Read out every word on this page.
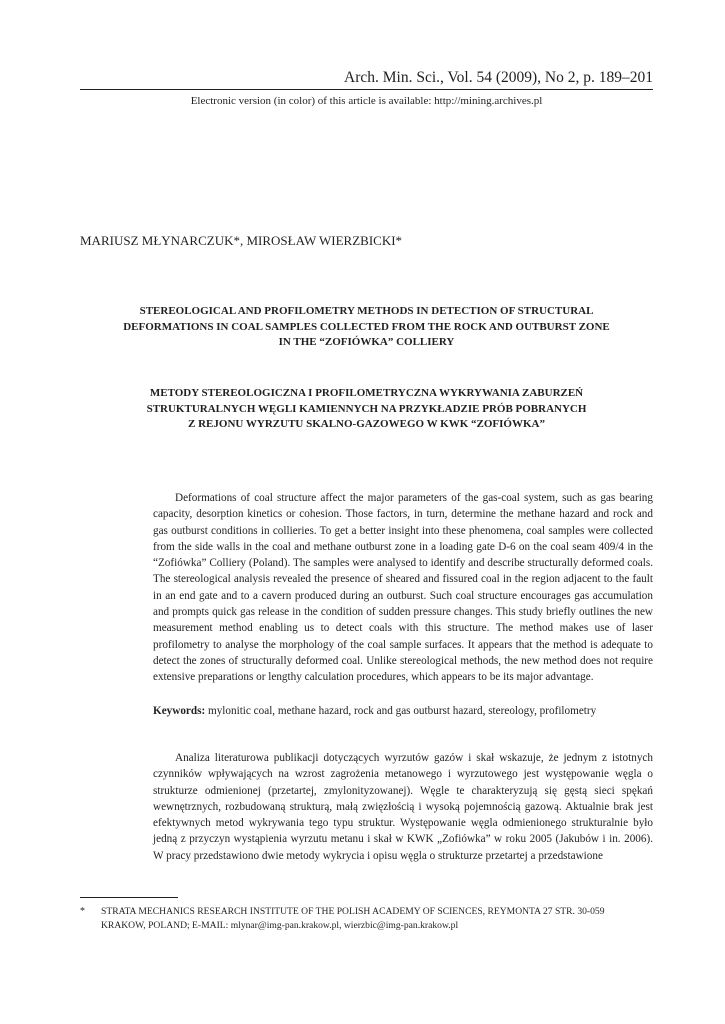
Arch. Min. Sci., Vol. 54 (2009), No 2, p. 189–201
Electronic version (in color) of this article is available: http://mining.archives.pl
MARIUSZ MŁYNARCZUK*, MIROSŁAW WIERZBICKI*
STEREOLOGICAL AND PROFILOMETRY METHODS IN DETECTION OF STRUCTURAL
DEFORMATIONS IN COAL SAMPLES COLLECTED FROM THE ROCK AND OUTBURST ZONE
IN THE “ZOFIÓWKA” COLLIERY
METODY STEREOLOGICZNA I PROFILOMETRYCZNA WYKRYWANIA ZABURZEŃ
STRUKTURALNYCH WĘGLI KAMIENNYCH NA PRZYKŁADZIE PRÓB POBRANYCH
Z REJONU WYRZUTU SKALNO-GAZOWEGO W KWK “ZOFIÓWKA”

Deformations of coal structure affect the major parameters of the gas-coal system, such as gas bearing capacity, desorption kinetics or cohesion. Those factors, in turn, determine the methane hazard and rock and gas outburst conditions in collieries. To get a better insight into these phenomena, coal samples were collected from the side walls in the coal and methane outburst zone in a loading gate D-6 on the coal seam 409/4 in the “Zofiówka” Colliery (Poland). The samples were analysed to identify and describe structurally deformed coals. The stereological analysis revealed the presence of sheared and fissured coal in the region adjacent to the fault in an end gate and to a cavern produced during an outburst. Such coal structure encourages gas accumulation and prompts quick gas release in the condition of sudden pressure changes. This study briefly outlines the new measurement method enabling us to detect coals with this structure. The method makes use of laser profilometry to analyse the morphology of the coal sample surfaces. It appears that the method is adequate to detect the zones of structurally deformed coal. Unlike stereological methods, the new method does not require extensive preparations or lengthy calculation procedures, which appears to be its major advantage.

Keywords: mylonitic coal, methane hazard, rock and gas outburst hazard, stereology, profilometry

Analiza literaturowa publikacji dotyczących wyrzutów gazów i skał wskazuje, że jednym z istotnych czynników wpływających na wzrost zagrożenia metanowego i wyrzutowego jest występowanie węgla o strukturze odmienionej (przetartej, zmylonityzowanej). Węgle te charakteryzują się gęstą sieci spękań wewnętrznych, rozbudowaną strukturą, małą zwięzłością i wysoką pojemnością gazową. Aktualnie brak jest efektywnych metod wykrywania tego typu struktur. Występowanie węgla odmienionego strukturalnie było jedną z przyczyn wystąpienia wyrzutu metanu i skał w KWK „Zofiówka” w roku 2005 (Jakubów i in. 2006). W pracy przedstawiono dwie metody wykrycia i opisu węgla o strukturze przetartej a przedstawione

* STRATA MECHANICS RESEARCH INSTITUTE OF THE POLISH ACADEMY OF SCIENCES, REYMONTA 27 STR. 30-059
KRAKOW, POLAND; E-MAIL: mlynar@img-pan.krakow.pl, wierzbic@img-pan.krakow.pl
